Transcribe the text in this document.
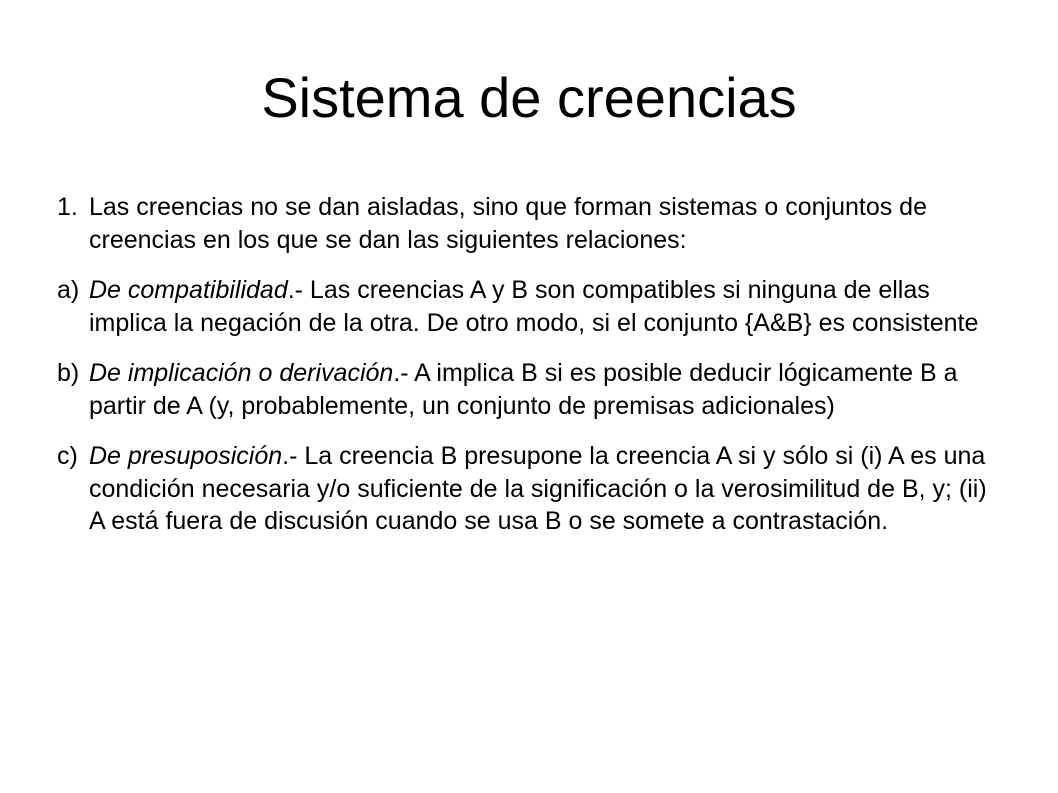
Sistema de creencias

1. Las creencias no se dan aisladas, sino que forman sistemas o conjuntos de creencias en los que se dan las siguientes relaciones:

a) De compatibilidad.- Las creencias A y B son compatibles si ninguna de ellas implica la negación de la otra. De otro modo, si el conjunto {A&B} es consistente

b) De implicación o derivación.- A implica B si es posible deducir lógicamente B a partir de A (y, probablemente, un conjunto de premisas adicionales)

c) De presuposición.- La creencia B presupone la creencia A si y sólo si (i) A es una condición necesaria y/o suficiente de la significación o la verosimilitud de B, y; (ii) A está fuera de discusión cuando se usa B o se somete a contrastación.
